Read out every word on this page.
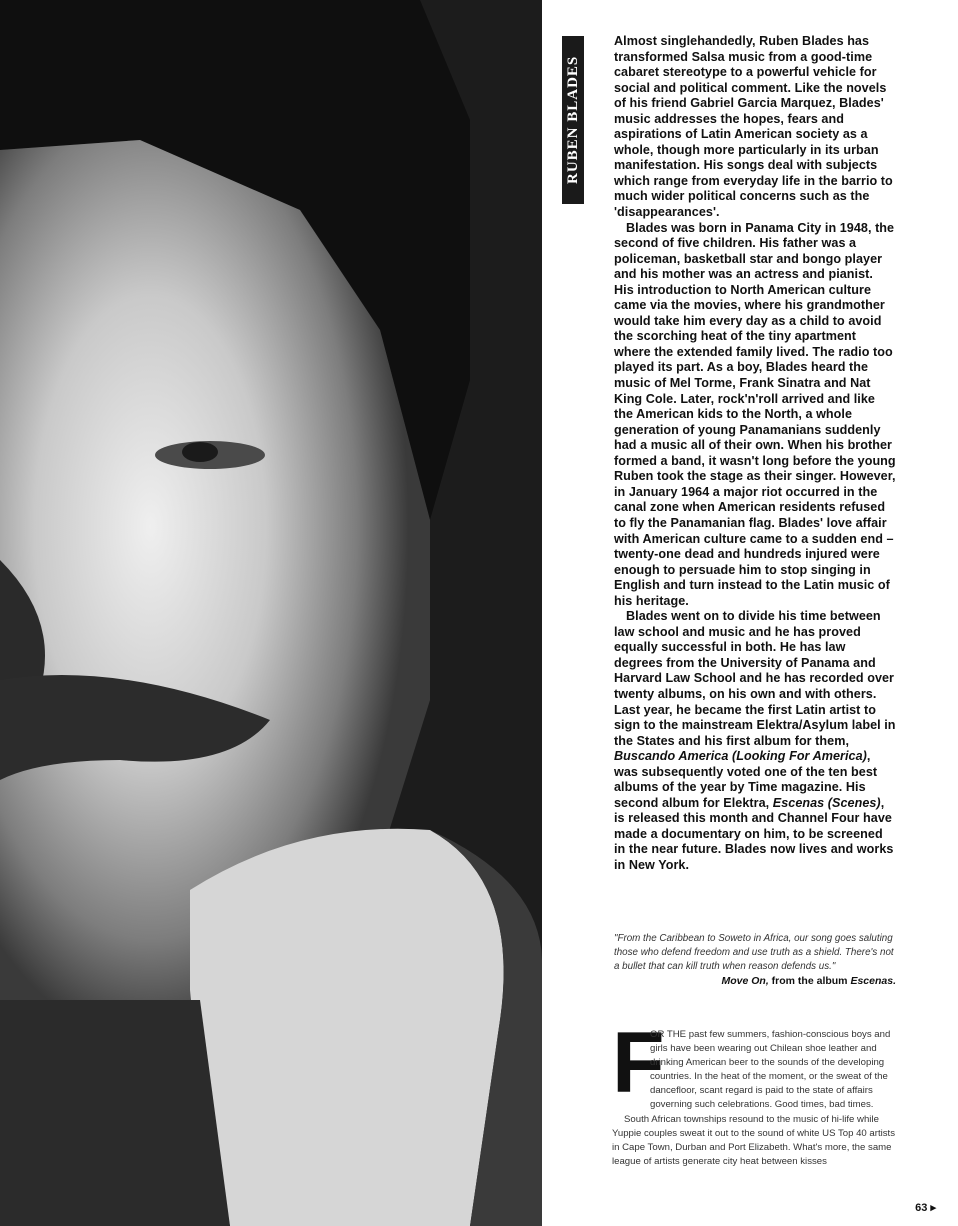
RUBEN BLADES

Almost singlehandedly, Ruben Blades has transformed Salsa music from a good-time cabaret stereotype to a powerful vehicle for social and political comment. Like the novels of his friend Gabriel Garcia Marquez, Blades' music addresses the hopes, fears and aspirations of Latin American society as a whole, though more particularly in its urban manifestation. His songs deal with subjects which range from everyday life in the barrio to much wider political concerns such as the 'disappearances'.

Blades was born in Panama City in 1948, the second of five children. His father was a policeman, basketball star and bongo player and his mother was an actress and pianist. His introduction to North American culture came via the movies, where his grandmother would take him every day as a child to avoid the scorching heat of the tiny apartment where the extended family lived. The radio too played its part. As a boy, Blades heard the music of Mel Torme, Frank Sinatra and Nat King Cole. Later, rock'n'roll arrived and like the American kids to the North, a whole generation of young Panamanians suddenly had a music all of their own. When his brother formed a band, it wasn't long before the young Ruben took the stage as their singer. However, in January 1964 a major riot occurred in the canal zone when American residents refused to fly the Panamanian flag. Blades' love affair with American culture came to a sudden end – twenty-one dead and hundreds injured were enough to persuade him to stop singing in English and turn instead to the Latin music of his heritage.

Blades went on to divide his time between law school and music and he has proved equally successful in both. He has law degrees from the University of Panama and Harvard Law School and he has recorded over twenty albums, on his own and with others. Last year, he became the first Latin artist to sign to the mainstream Elektra/Asylum label in the States and his first album for them, Buscando America (Looking For America), was subsequently voted one of the ten best albums of the year by Time magazine. His second album for Elektra, Escenas (Scenes), is released this month and Channel Four have made a documentary on him, to be screened in the near future. Blades now lives and works in New York.

"From the Caribbean to Soweto in Africa, our song goes saluting those who defend freedom and use truth as a shield. There's not a bullet that can kill truth when reason defends us."
Move On, from the album Escenas.

F
OR THE past few summers, fashion-conscious boys and girls have been wearing out Chilean shoe leather and drinking American beer to the sounds of the developing countries. In the heat of the moment, or the sweat of the dancefloor, scant regard is paid to the state of affairs governing such celebrations. Good times, bad times.

South African townships resound to the music of hi-life while Yuppie couples sweat it out to the sound of white US Top 40 artists in Cape Town, Durban and Port Elizabeth. What's more, the same league of artists generate city heat between kisses

63 ▸
